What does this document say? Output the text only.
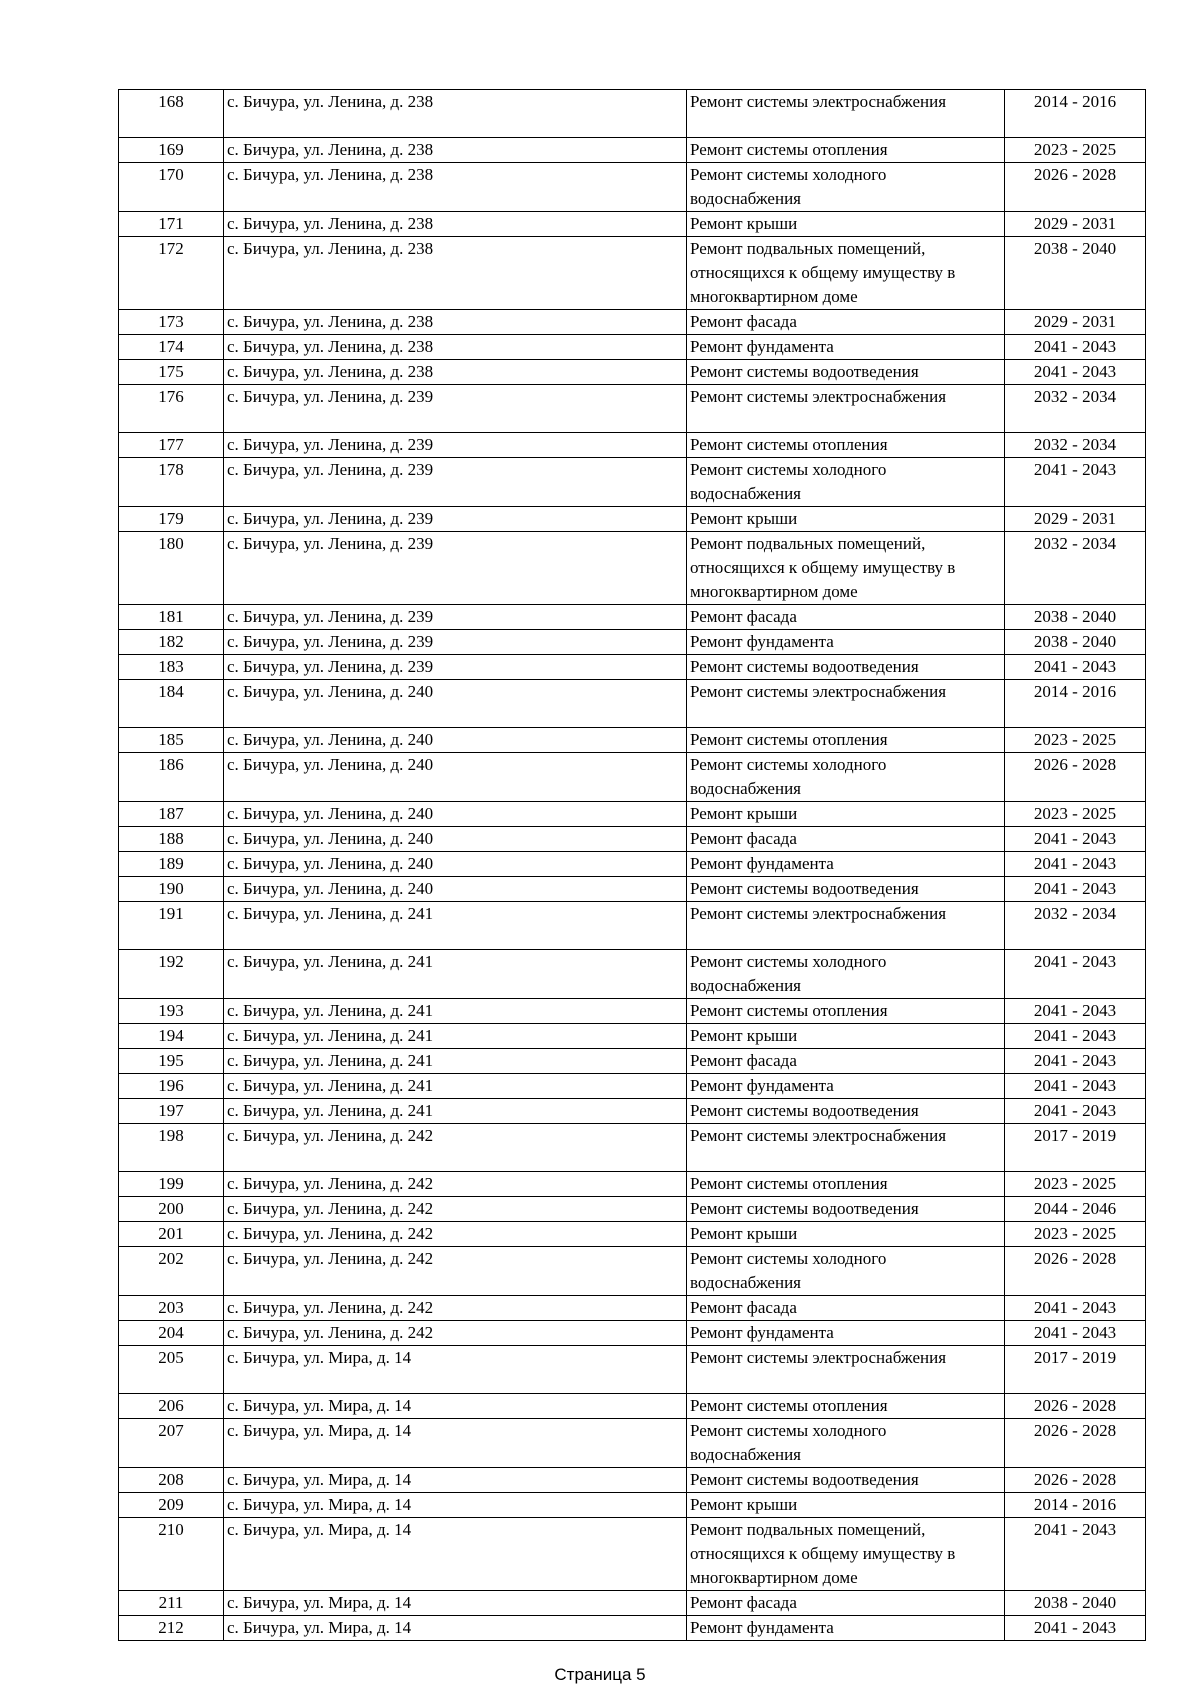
168	с. Бичура, ул. Ленина, д. 238	Ремонт системы электроснабжения	2014 - 2016
169	с. Бичура, ул. Ленина, д. 238	Ремонт системы отопления	2023 - 2025
170	с. Бичура, ул. Ленина, д. 238	Ремонт системы холодного водоснабжения	2026 - 2028
171	с. Бичура, ул. Ленина, д. 238	Ремонт крыши	2029 - 2031
172	с. Бичура, ул. Ленина, д. 238	Ремонт подвальных помещений, относящихся к общему имуществу в многоквартирном доме	2038 - 2040
173	с. Бичура, ул. Ленина, д. 238	Ремонт фасада	2029 - 2031
174	с. Бичура, ул. Ленина, д. 238	Ремонт фундамента	2041 - 2043
175	с. Бичура, ул. Ленина, д. 238	Ремонт системы водоотведения	2041 - 2043
176	с. Бичура, ул. Ленина, д. 239	Ремонт системы электроснабжения	2032 - 2034
177	с. Бичура, ул. Ленина, д. 239	Ремонт системы отопления	2032 - 2034
178	с. Бичура, ул. Ленина, д. 239	Ремонт системы холодного водоснабжения	2041 - 2043
179	с. Бичура, ул. Ленина, д. 239	Ремонт крыши	2029 - 2031
180	с. Бичура, ул. Ленина, д. 239	Ремонт подвальных помещений, относящихся к общему имуществу в многоквартирном доме	2032 - 2034
181	с. Бичура, ул. Ленина, д. 239	Ремонт фасада	2038 - 2040
182	с. Бичура, ул. Ленина, д. 239	Ремонт фундамента	2038 - 2040
183	с. Бичура, ул. Ленина, д. 239	Ремонт системы водоотведения	2041 - 2043
184	с. Бичура, ул. Ленина, д. 240	Ремонт системы электроснабжения	2014 - 2016
185	с. Бичура, ул. Ленина, д. 240	Ремонт системы отопления	2023 - 2025
186	с. Бичура, ул. Ленина, д. 240	Ремонт системы холодного водоснабжения	2026 - 2028
187	с. Бичура, ул. Ленина, д. 240	Ремонт крыши	2023 - 2025
188	с. Бичура, ул. Ленина, д. 240	Ремонт фасада	2041 - 2043
189	с. Бичура, ул. Ленина, д. 240	Ремонт фундамента	2041 - 2043
190	с. Бичура, ул. Ленина, д. 240	Ремонт системы водоотведения	2041 - 2043
191	с. Бичура, ул. Ленина, д. 241	Ремонт системы электроснабжения	2032 - 2034
192	с. Бичура, ул. Ленина, д. 241	Ремонт системы холодного водоснабжения	2041 - 2043
193	с. Бичура, ул. Ленина, д. 241	Ремонт системы отопления	2041 - 2043
194	с. Бичура, ул. Ленина, д. 241	Ремонт крыши	2041 - 2043
195	с. Бичура, ул. Ленина, д. 241	Ремонт фасада	2041 - 2043
196	с. Бичура, ул. Ленина, д. 241	Ремонт фундамента	2041 - 2043
197	с. Бичура, ул. Ленина, д. 241	Ремонт системы водоотведения	2041 - 2043
198	с. Бичура, ул. Ленина, д. 242	Ремонт системы электроснабжения	2017 - 2019
199	с. Бичура, ул. Ленина, д. 242	Ремонт системы отопления	2023 - 2025
200	с. Бичура, ул. Ленина, д. 242	Ремонт системы водоотведения	2044 - 2046
201	с. Бичура, ул. Ленина, д. 242	Ремонт крыши	2023 - 2025
202	с. Бичура, ул. Ленина, д. 242	Ремонт системы холодного водоснабжения	2026 - 2028
203	с. Бичура, ул. Ленина, д. 242	Ремонт фасада	2041 - 2043
204	с. Бичура, ул. Ленина, д. 242	Ремонт фундамента	2041 - 2043
205	с. Бичура, ул. Мира, д. 14	Ремонт системы электроснабжения	2017 - 2019
206	с. Бичура, ул. Мира, д. 14	Ремонт системы отопления	2026 - 2028
207	с. Бичура, ул. Мира, д. 14	Ремонт системы холодного водоснабжения	2026 - 2028
208	с. Бичура, ул. Мира, д. 14	Ремонт системы водоотведения	2026 - 2028
209	с. Бичура, ул. Мира, д. 14	Ремонт крыши	2014 - 2016
210	с. Бичура, ул. Мира, д. 14	Ремонт подвальных помещений, относящихся к общему имуществу в многоквартирном доме	2041 - 2043
211	с. Бичура, ул. Мира, д. 14	Ремонт фасада	2038 - 2040
212	с. Бичура, ул. Мира, д. 14	Ремонт фундамента	2041 - 2043
Страница 5
